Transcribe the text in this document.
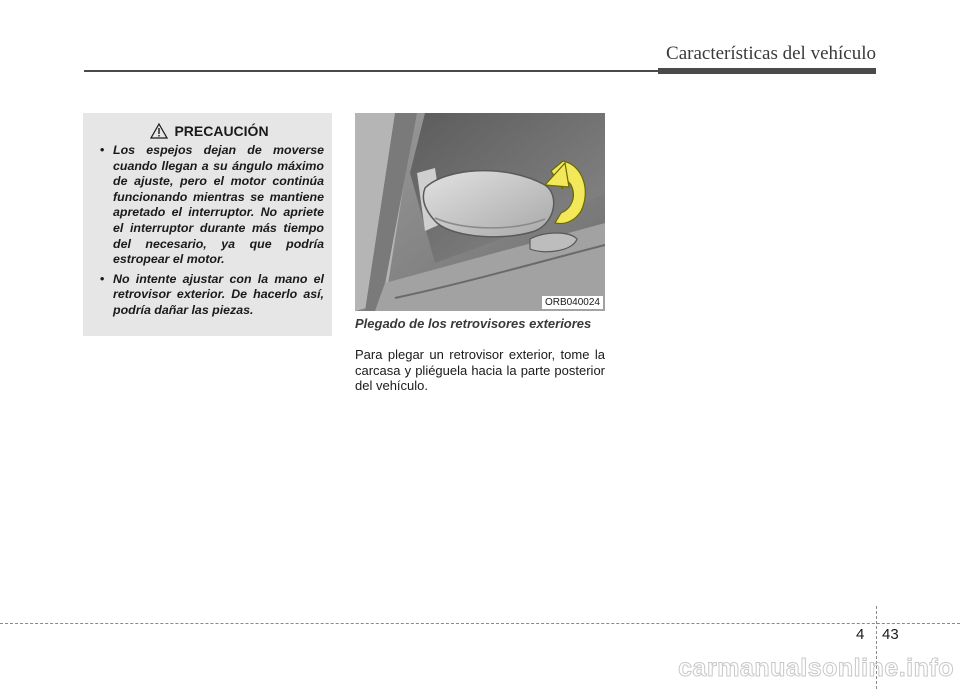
Características del vehículo
PRECAUCIÓN
• Los espejos dejan de moverse cuando llegan a su ángulo máximo de ajuste, pero el motor continúa funcionando mientras se mantiene apretado el interruptor. No apriete el interruptor durante más tiempo del necesario, ya que podría estropear el motor.
• No intente ajustar con la mano el retrovisor exterior. De hacerlo así, podría dañar las piezas.
ORB040024
Plegado de los retrovisores exteriores
Para plegar un retrovisor exterior, tome la carcasa y pliéguela hacia la parte posterior del vehículo.
4 43
carmanualsonline.info
